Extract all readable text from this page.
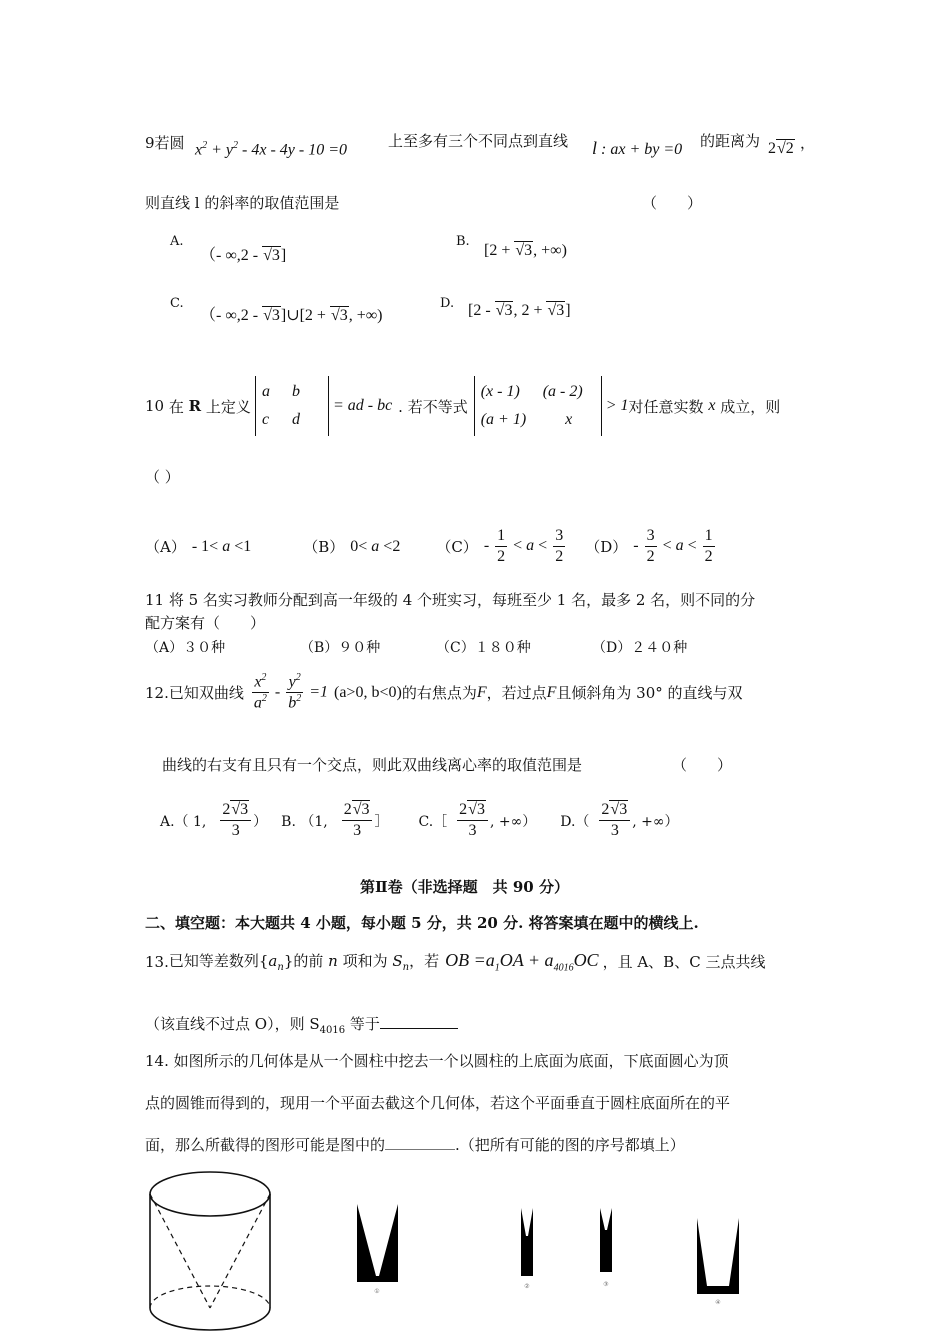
9若圆 $x^2 + y^2 - 4x - 4y - 10 =0$	上至多有三个不同点到直线 l : ax + by =0 的距离为 2√2 ，
则直线 l 的斜率的取值范围是	（　　）
A.
（- ∞,2 - √3]
B.
[2 + √3, +∞)
C.
（- ∞,2 - √3]∪[2 + √3, +∞)
D. [2 - √3, 2 + √3]
10
在
R
上定义
a b
c d
= ad - bc . 若不等式
(x - 1) (a - 2)
(a + 1) x
> 1 对任意实数
x
成立，则
（ ）
（A） - 1< a <1	（B） 0< a <2 $(C) - \frac{1}{2} < a < \frac{3}{2} (D) - \frac{3}{2} < a < \frac{1}{2}$
11 将 5 名实习教师分配到高一年级的 4 个班实习，每班至少 1 名，最多 2 名，则不同的分
配方案有（　　）
（A）３０种	（B）９０种	（C）１８０种	（D）２４０种
12. 已知双曲线 $\frac{x^2}{a^2} - \frac{y^2}{b^2} =1$ (a>0, b<0) 的右焦点为 F ，若过点 F 且倾斜角为 30° 的直线与双
曲线的右支有且只有一个交点，则此双曲线离心率的取值范围是	（　　）
A.（ 1, $\frac{2√3}{3}$ ） B. （1, $\frac{2√3}{3}$ ］ C.［ $\frac{2√3}{3}$ , +∞） $D.( \frac{2√3}{3}$ , +∞）
第Ⅱ卷（非选择题　共 90 分）
二、填空题：本大题共 4 小题，每小题 5 分，共 20 分. 将答案填在题中的横线上.
13. 已知等差数列$\{a_n\}$的前 n 项和为 $S_n$，若 OB $=a_1OA + a_{4016}OC$ ，且 A、B、C 三点共线
（该直线不过点 O），则 $S_{4016}$ 等于
14. 如图所示的几何体是从一个圆柱中挖去一个以圆柱的上底面为底面，下底面圆心为顶
点的圆锥而得到的，现用一个平面去截这个几何体，若这个平面垂直于圆柱底面所在的平
面，那么所截得的图形可能是图中的	.（把所有可能的图的序号都填上）
①
②	③
④
